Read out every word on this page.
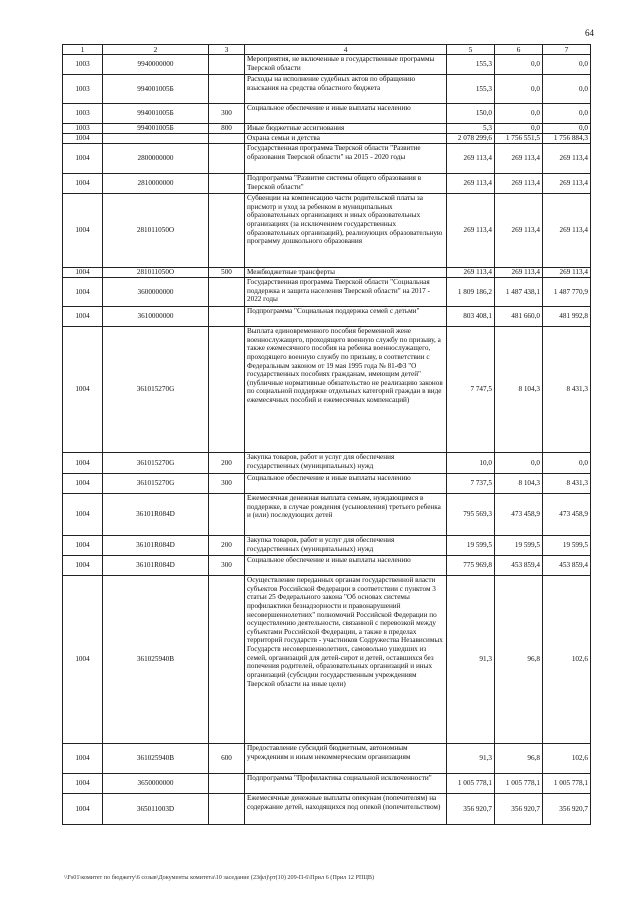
64
1	2	3	4	5	6	7
1003	9940000000		Мероприятия, не включенные в государственные программы Тверской области	155,3	0,0	0,0
1003	994001005Б		Расходы на исполнение судебных актов по обращению взыскания на средства областного бюджета	155,3	0,0	0,0
1003	994001005Б	300	Социальное обеспечение и иные выплаты населению	150,0	0,0	0,0
1003	994001005Б	800	Иные бюджетные ассигнования	5,3	0,0	0,0
1004			Охрана семьи и детства	2 078 299,6	1 756 551,5	1 756 884,3
1004	2800000000		Государственная программа Тверской области "Развитие образования Тверской области" на 2015 - 2020 годы	269 113,4	269 113,4	269 113,4
1004	2810000000		Подпрограмма "Развитие системы общего образования в Тверской области"	269 113,4	269 113,4	269 113,4
1004	281011050О		Субвенции на компенсацию части родительской платы за присмотр и уход за ребенком в муниципальных образовательных организациях и иных образовательных организациях (за исключением государственных образовательных организаций), реализующих образовательную программу дошкольного образования	269 113,4	269 113,4	269 113,4
1004	281011050О	500	Межбюджетные трансферты	269 113,4	269 113,4	269 113,4
1004	3600000000		Государственная программа Тверской области "Социальная поддержка и защита населения Тверской области" на 2017 - 2022 годы	1 809 186,2	1 487 438,1	1 487 770,9
1004	3610000000		Подпрограмма "Социальная поддержка семей с детьми"	803 408,1	481 660,0	481 992,8
1004	361015270G		Выплата единовременного пособия беременной жене военнослужащего, проходящего военную службу по призыву, а также ежемесячного пособия на ребенка военнослужащего, проходящего военную службу по призыву, в соответствии с Федеральным законом от 19 мая 1995 года № 81-ФЗ "О государственных пособиях гражданам, имеющим детей" (публичные нормативные обязательство не реализацию законов по социальной поддержке отдельных категорий граждан в виде ежемесячных пособий и ежемесячных компенсаций)	7 747,5	8 104,3	8 431,3
1004	361015270G	200	Закупка товаров, работ и услуг для обеспечения государственных (муниципальных) нужд	10,0	0,0	0,0
1004	361015270G	300	Социальное обеспечение и иные выплаты населению	7 737,5	8 104,3	8 431,3
1004	36101R084D		Ежемесячная денежная выплата семьям, нуждающимся в поддержке, в случае рождения (усыновления) третьего ребенка и (или) последующих детей	795 569,3	473 458,9	473 458,9
1004	36101R084D	200	Закупка товаров, работ и услуг для обеспечения государственных (муниципальных) нужд	19 599,5	19 599,5	19 599,5
1004	36101R084D	300	Социальное обеспечение и иные выплаты населению	775 969,8	453 859,4	453 859,4
1004	361025940В		Осуществление переданных органам государственной власти субъектов Российской Федерации в соответствии с пунктом 3 статьи 25 Федерального закона "Об основах системы профилактики безнадзорности и правонарушений несовершеннолетних" полномочий Российской Федерации по осуществлению деятельности, связанной с перевозкой между субъектами Российской Федерации, а также в пределах территорий государств - участников Содружества Независимых Государств несовершеннолетних, самовольно ушедших из семей, организаций для детей-сирот и детей, оставшихся без попечения родителей, образовательных организаций и иных организаций (субсидии государственным учреждениям Тверской области на иные цели)	91,3	96,8	102,6
1004	361025940В	600	Предоставление субсидий бюджетным, автономным учреждениям и иным некоммерческим организациям	91,3	96,8	102,6
1004	3650000000		Подпрограмма "Профилактика социальной исключенности"	1 005 778,1	1 005 778,1	1 005 778,1
1004	365011003D		Ежемесячные денежные выплаты опекунам (попечителям) на содержание детей, находящихся под опекой (попечительством)	356 920,7	356 920,7	356 920,7
\\Fs01\комитет по бюджету\6 созыв\Документы комитета\10 заседание (23фл)\рт(10) 209-П-6\Прил 6 (Прил 12 РПЦВ)
